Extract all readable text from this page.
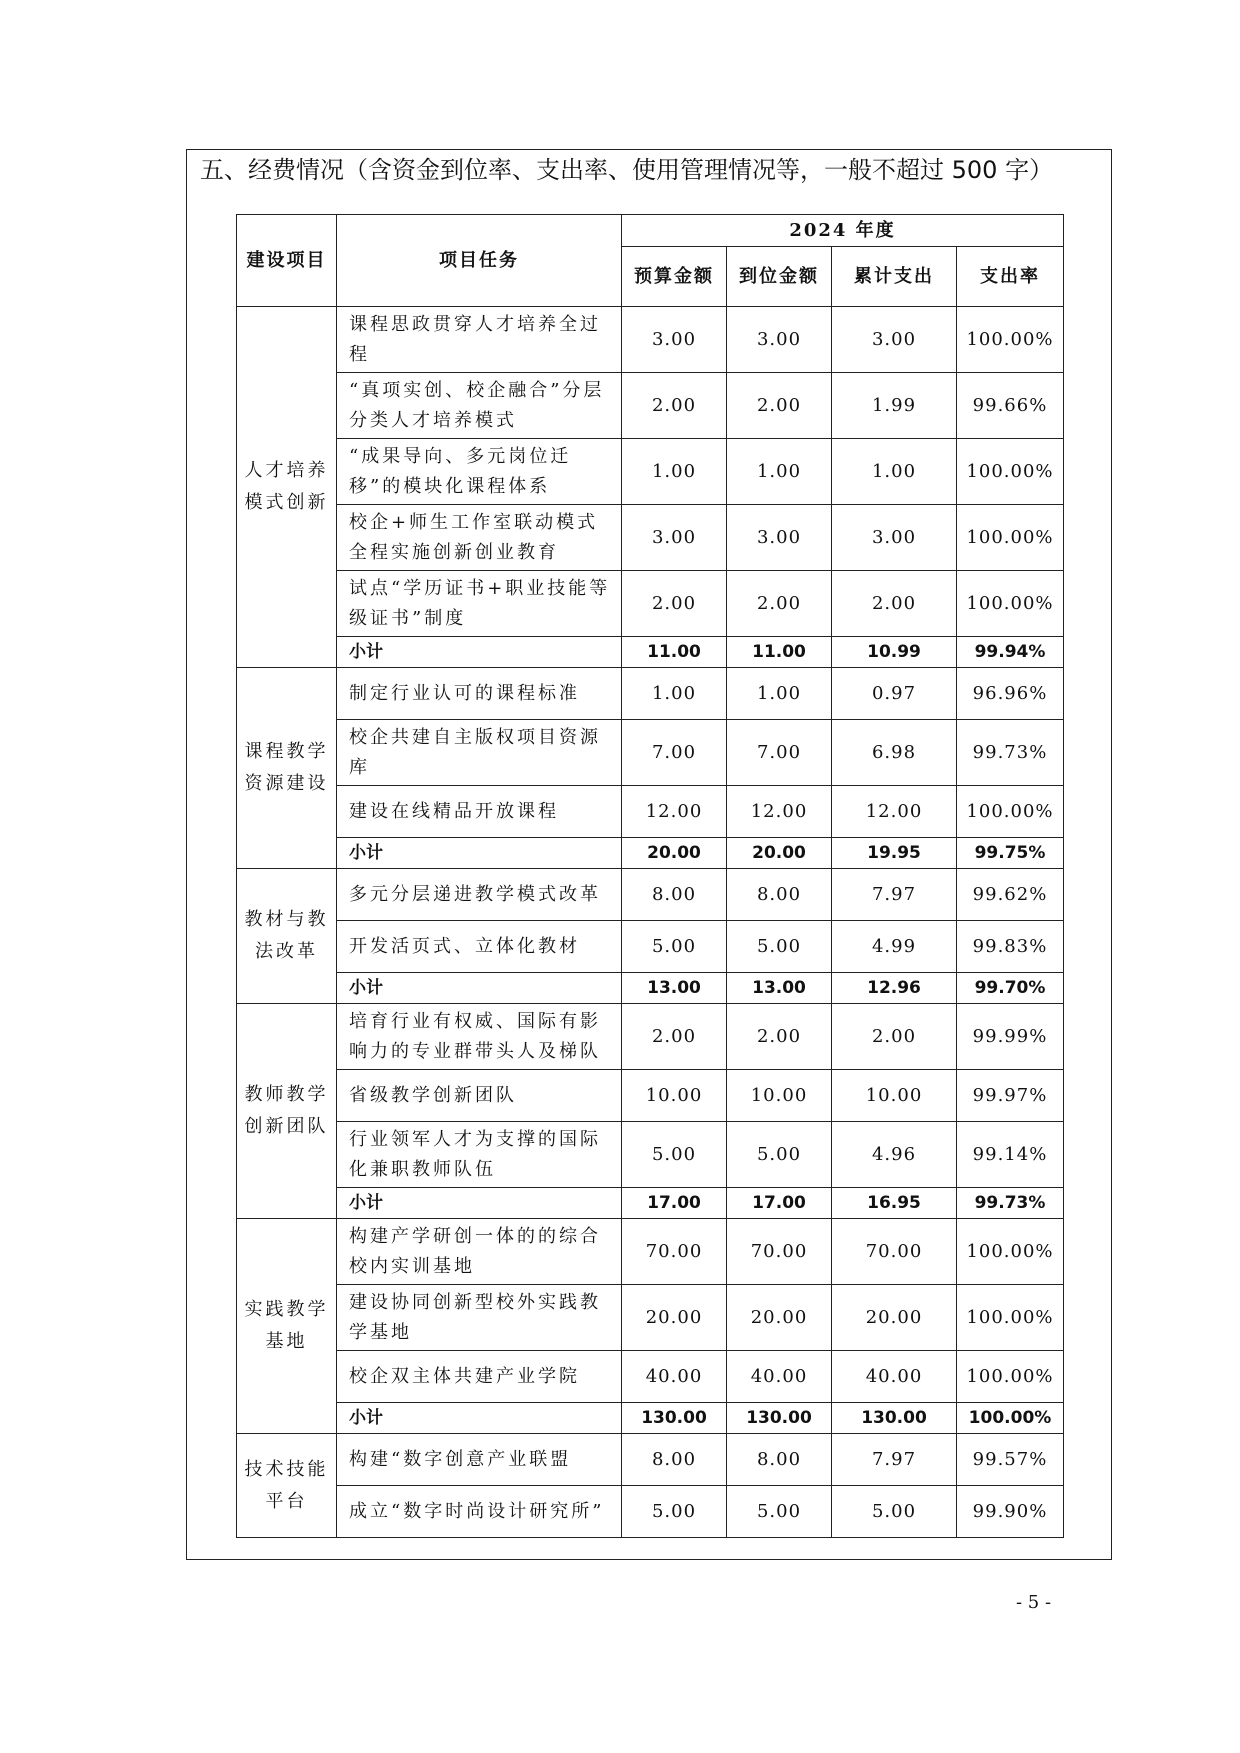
五、经费情况（含资金到位率、支出率、使用管理情况等，一般不超过 500 字）
建设项目	项目任务	2024 年度			
		预算金额	到位金额	累计支出	支出率
人才培养模式创新	课程思政贯穿人才培养全过程	3.00	3.00	3.00	100.00%
	“真项实创、校企融合”分层分类人才培养模式	2.00	2.00	1.99	99.66%
	“成果导向、多元岗位迁移”的模块化课程体系	1.00	1.00	1.00	100.00%
	校企+师生工作室联动模式全程实施创新创业教育	3.00	3.00	3.00	100.00%
	试点“学历证书+职业技能等级证书”制度	2.00	2.00	2.00	100.00%
	小计	11.00	11.00	10.99	99.94%
课程教学资源建设	制定行业认可的课程标准	1.00	1.00	0.97	96.96%
	校企共建自主版权项目资源库	7.00	7.00	6.98	99.73%
	建设在线精品开放课程	12.00	12.00	12.00	100.00%
	小计	20.00	20.00	19.95	99.75%
教材与教法改革	多元分层递进教学模式改革	8.00	8.00	7.97	99.62%
	开发活页式、立体化教材	5.00	5.00	4.99	99.83%
	小计	13.00	13.00	12.96	99.70%
教师教学创新团队	培育行业有权威、国际有影响力的专业群带头人及梯队	2.00	2.00	2.00	99.99%
	省级教学创新团队	10.00	10.00	10.00	99.97%
	行业领军人才为支撑的国际化兼职教师队伍	5.00	5.00	4.96	99.14%
	小计	17.00	17.00	16.95	99.73%
实践教学基地	构建产学研创一体的的综合校内实训基地	70.00	70.00	70.00	100.00%
	建设协同创新型校外实践教学基地	20.00	20.00	20.00	100.00%
	校企双主体共建产业学院	40.00	40.00	40.00	100.00%
	小计	130.00	130.00	130.00	100.00%
技术技能平台	构建“数字创意产业联盟	8.00	8.00	7.97	99.57%
	成立“数字时尚设计研究所”	5.00	5.00	5.00	99.90%
- 5 -
